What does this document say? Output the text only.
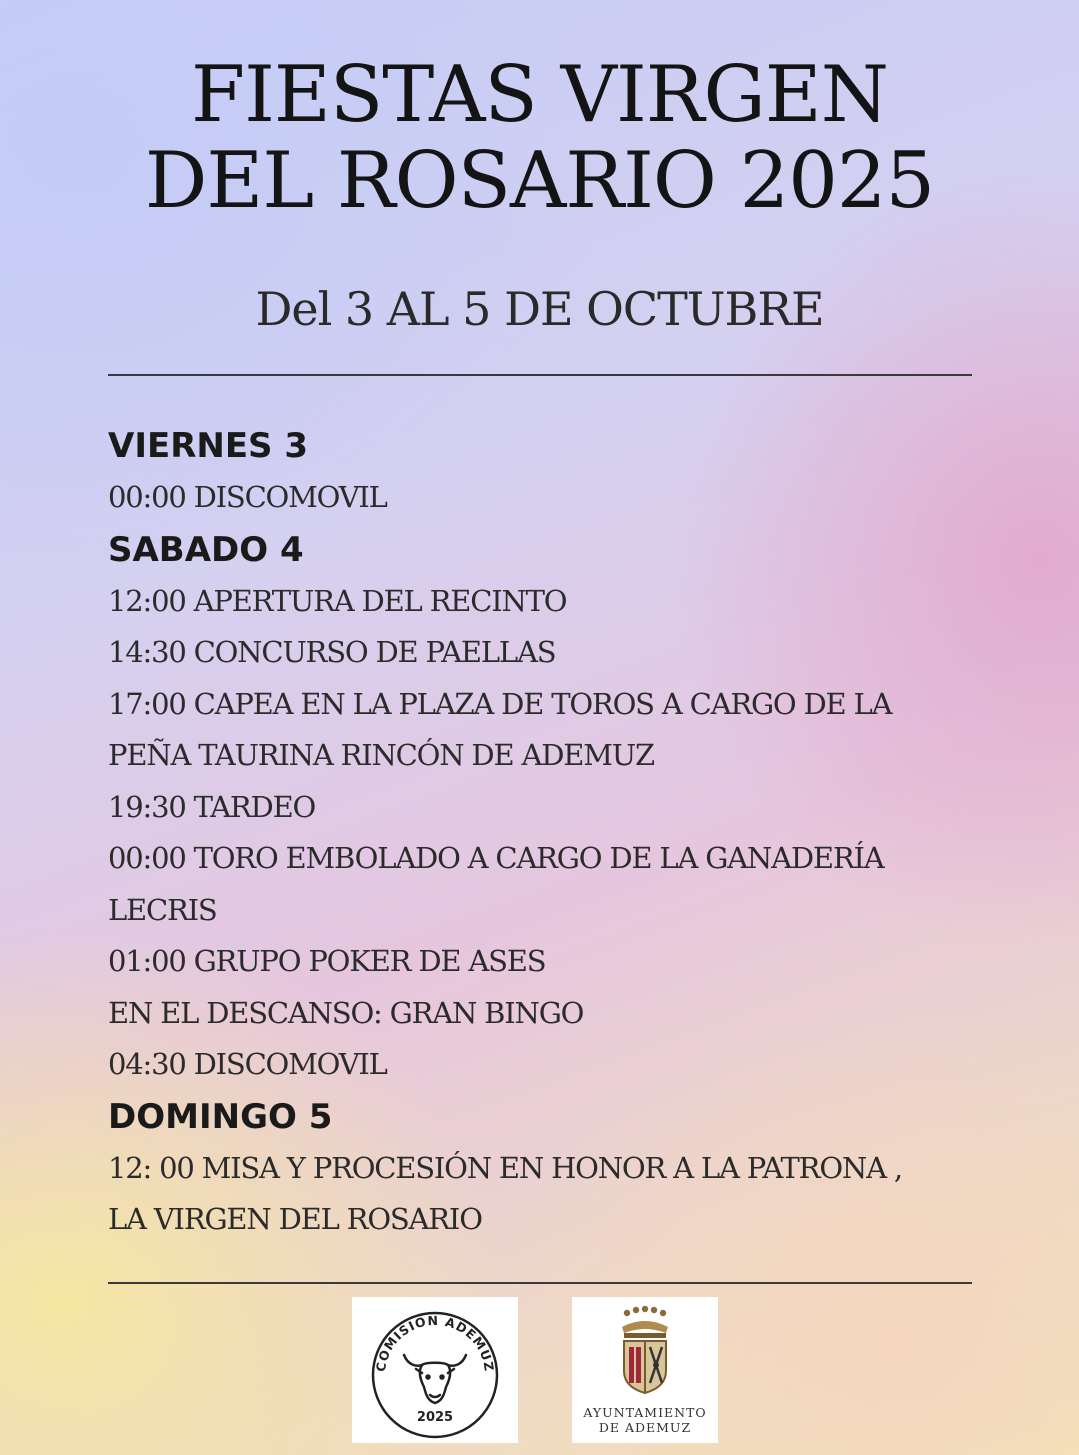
FIESTAS VIRGEN
DEL ROSARIO 2025
Del 3 AL 5 DE OCTUBRE

VIERNES 3

00:00 DISCOMOVIL

SABADO 4

12:00 APERTURA DEL RECINTO

14:30 CONCURSO DE PAELLAS

17:00 CAPEA EN LA PLAZA DE TOROS A CARGO DE LA

PEÑA TAURINA RINCÓN DE ADEMUZ

19:30 TARDEO

00:00 TORO EMBOLADO A CARGO DE LA GANADERÍA

LECRIS

01:00 GRUPO POKER DE ASES

EN EL DESCANSO: GRAN BINGO

04:30 DISCOMOVIL

DOMINGO 5

12: 00 MISA Y PROCESIÓN EN HONOR A LA PATRONA ,

LA VIRGEN DEL ROSARIO

COMISION ADEMUZ
2025	AYUNTAMIENTO
DE ADEMUZ
